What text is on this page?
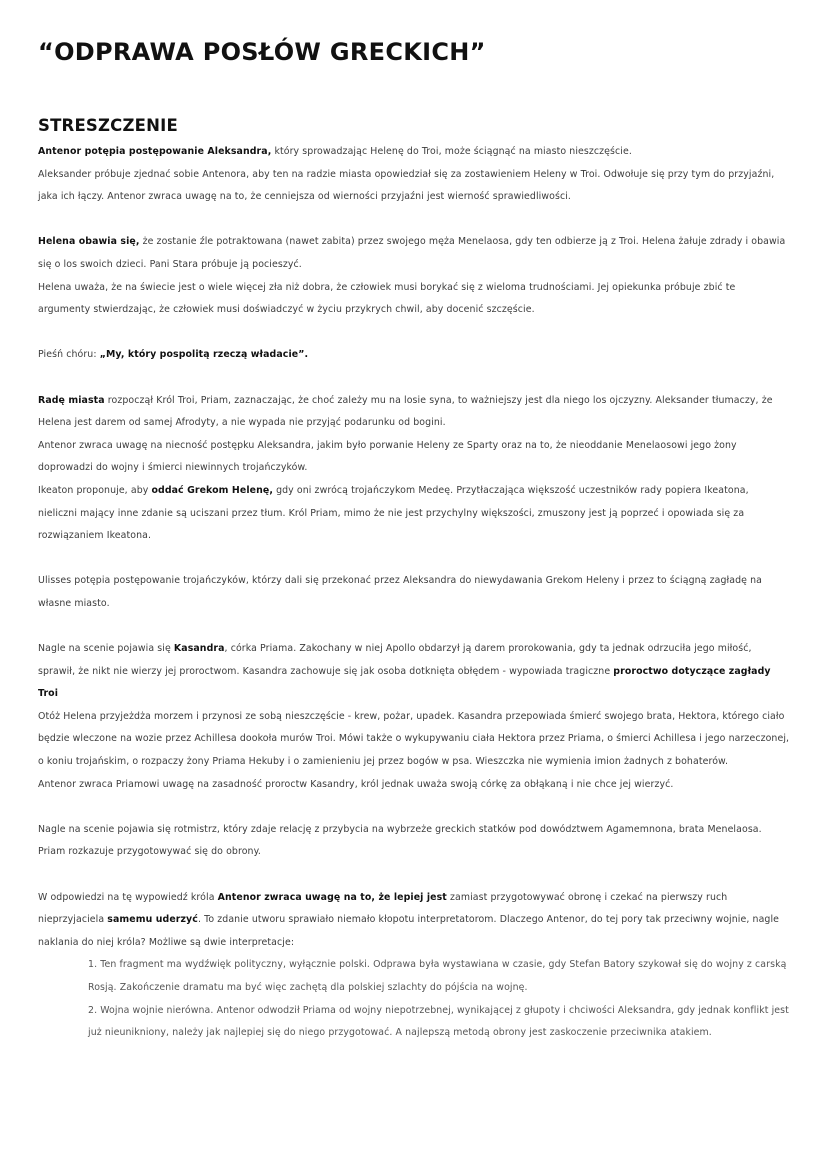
“ODPRAWA POSŁÓW GRECKICH”
STRESZCZENIE

Antenor potępia postępowanie Aleksandra, który sprowadzając Helenę do Troi, może ściągnąć na miasto nieszczęście.

Aleksander próbuje zjednać sobie Antenora, aby ten na radzie miasta opowiedział się za zostawieniem Heleny w Troi. Odwołuje się przy tym do przyjaźni, jaka ich łączy. Antenor zwraca uwagę na to, że cenniejsza od wierności przyjaźni jest wierność sprawiedliwości.

Helena obawia się, że zostanie źle potraktowana (nawet zabita) przez swojego męża Menelaosa, gdy ten odbierze ją z Troi. Helena żałuje zdrady i obawia się o los swoich dzieci. Pani Stara próbuje ją pocieszyć.

Helena uważa, że na świecie jest o wiele więcej zła niż dobra, że człowiek musi borykać się z wieloma trudnościami. Jej opiekunka próbuje zbić te argumenty stwierdzając, że człowiek musi doświadczyć w życiu przykrych chwil, aby docenić szczęście.

Pieśń chóru: „My, który pospolitą rzeczą władacie”.

Radę miasta rozpoczął Król Troi, Priam, zaznaczając, że choć zależy mu na losie syna, to ważniejszy jest dla niego los ojczyzny. Aleksander tłumaczy, że Helena jest darem od samej Afrodyty, a nie wypada nie przyjąć podarunku od bogini.

Antenor zwraca uwagę na niecność postępku Aleksandra, jakim było porwanie Heleny ze Sparty oraz na to, że nieoddanie Menelaosowi jego żony doprowadzi do wojny i śmierci niewinnych trojańczyków.

Ikeaton proponuje, aby oddać Grekom Helenę, gdy oni zwrócą trojańczykom Medeę. Przytłaczająca większość uczestników rady popiera Ikeatona, nieliczni mający inne zdanie są uciszani przez tłum. Król Priam, mimo że nie jest przychylny większości, zmuszony jest ją poprzeć i opowiada się za rozwiązaniem Ikeatona.

Ulisses potępia postępowanie trojańczyków, którzy dali się przekonać przez Aleksandra do niewydawania Grekom Heleny i przez to ściągną zagładę na własne miasto.

Nagle na scenie pojawia się Kasandra, córka Priama. Zakochany w niej Apollo obdarzył ją darem prorokowania, gdy ta jednak odrzuciła jego miłość, sprawił, że nikt nie wierzy jej proroctwom. Kasandra zachowuje się jak osoba dotknięta obłędem - wypowiada tragiczne proroctwo dotyczące zagłady Troi

Otóż Helena przyjeżdża morzem i przynosi ze sobą nieszczęście - krew, pożar, upadek. Kasandra przepowiada śmierć swojego brata, Hektora, którego ciało będzie wleczone na wozie przez Achillesa dookoła murów Troi. Mówi także o wykupywaniu ciała Hektora przez Priama, o śmierci Achillesa i jego narzeczonej, o koniu trojańskim, o rozpaczy żony Priama Hekuby i o zamienieniu jej przez bogów w psa. Wieszczka nie wymienia imion żadnych z bohaterów.

Antenor zwraca Priamowi uwagę na zasadność proroctw Kasandry, król jednak uważa swoją córkę za obłąkaną i nie chce jej wierzyć.

Nagle na scenie pojawia się rotmistrz, który zdaje relację z przybycia na wybrzeże greckich statków pod dowództwem Agamemnona, brata Menelaosa. Priam rozkazuje przygotowywać się do obrony.

W odpowiedzi na tę wypowiedź króla Antenor zwraca uwagę na to, że lepiej jest zamiast przygotowywać obronę i czekać na pierwszy ruch nieprzyjaciela samemu uderzyć. To zdanie utworu sprawiało niemało kłopotu interpretatorom. Dlaczego Antenor, do tej pory tak przeciwny wojnie, nagle naklania do niej króla? Możliwe są dwie interpretacje:

1. Ten fragment ma wydźwięk polityczny, wyłącznie polski. Odprawa była wystawiana w czasie, gdy Stefan Batory szykował się do wojny z carską Rosją. Zakończenie dramatu ma być więc zachętą dla polskiej szlachty do pójścia na wojnę.

2. Wojna wojnie nierówna. Antenor odwodził Priama od wojny niepotrzebnej, wynikającej z głupoty i chciwości Aleksandra, gdy jednak konflikt jest już nieunikniony, należy jak najlepiej się do niego przygotować. A najlepszą metodą obrony jest zaskoczenie przeciwnika atakiem.
